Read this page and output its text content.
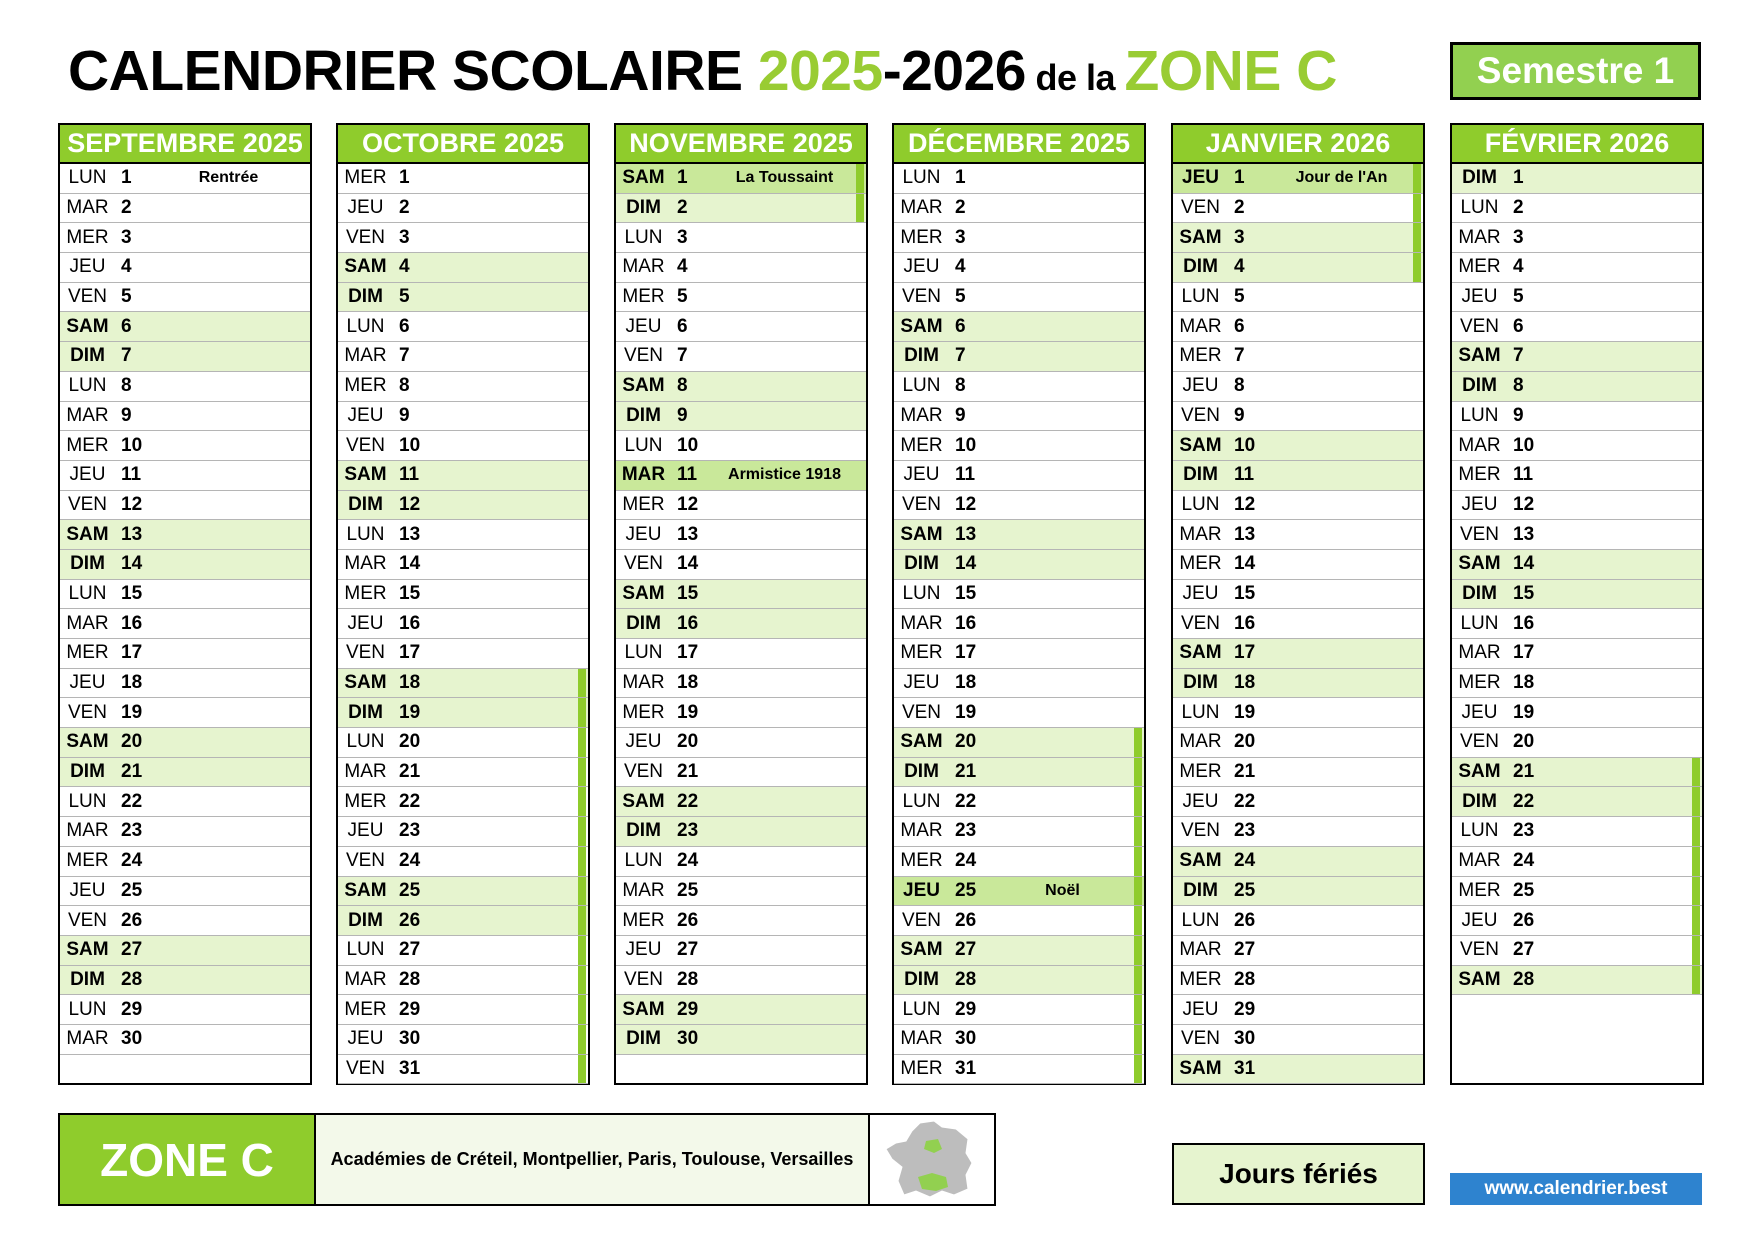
CALENDRIER SCOLAIRE 2025-2026 de la ZONE C	Semestre 1
SEPTEMBRE 2025
LUN 1	Rentrée
MAR 2
MER 3
JEU 4
VEN 5
SAM 6
DIM 7
LUN 8
MAR 9
MER 10
JEU 11
VEN 12
SAM 13
DIM 14
LUN 15
MAR 16
MER 17
JEU 18
VEN 19
SAM 20
DIM 21
LUN 22
MAR 23
MER 24
JEU 25
VEN 26
SAM 27
DIM 28
LUN 29
MAR 30
OCTOBRE 2025
MER 1
JEU 2
VEN 3
SAM 4
DIM 5
LUN 6
MAR 7
MER 8
JEU 9
VEN 10
SAM 11
DIM 12
LUN 13
MAR 14
MER 15
JEU 16
VEN 17
SAM 18
DIM 19
LUN 20
MAR 21
MER 22
JEU 23
VEN 24
SAM 25
DIM 26
LUN 27
MAR 28
MER 29
JEU 30
VEN 31
NOVEMBRE 2025
SAM 1	La Toussaint
DIM 2
LUN 3
MAR 4
MER 5
JEU 6
VEN 7
SAM 8
DIM 9
LUN 10
MAR 11	Armistice 1918
MER 12
JEU 13
VEN 14
SAM 15
DIM 16
LUN 17
MAR 18
MER 19
JEU 20
VEN 21
SAM 22
DIM 23
LUN 24
MAR 25
MER 26
JEU 27
VEN 28
SAM 29
DIM 30
DÉCEMBRE 2025
LUN 1
MAR 2
MER 3
JEU 4
VEN 5
SAM 6
DIM 7
LUN 8
MAR 9
MER 10
JEU 11
VEN 12
SAM 13
DIM 14
LUN 15
MAR 16
MER 17
JEU 18
VEN 19
SAM 20
DIM 21
LUN 22
MAR 23
MER 24
JEU 25	Noël
VEN 26
SAM 27
DIM 28
LUN 29
MAR 30
MER 31
JANVIER 2026
JEU 1	Jour de l'An
VEN 2
SAM 3
DIM 4
LUN 5
MAR 6
MER 7
JEU 8
VEN 9
SAM 10
DIM 11
LUN 12
MAR 13
MER 14
JEU 15
VEN 16
SAM 17
DIM 18
LUN 19
MAR 20
MER 21
JEU 22
VEN 23
SAM 24
DIM 25
LUN 26
MAR 27
MER 28
JEU 29
VEN 30
SAM 31
FÉVRIER 2026
DIM 1
LUN 2
MAR 3
MER 4
JEU 5
VEN 6
SAM 7
DIM 8
LUN 9
MAR 10
MER 11
JEU 12
VEN 13
SAM 14
DIM 15
LUN 16
MAR 17
MER 18
JEU 19
VEN 20
SAM 21
DIM 22
LUN 23
MAR 24
MER 25
JEU 26
VEN 27
SAM 28
ZONE C	Académies de Créteil, Montpellier, Paris, Toulouse, Versailles	Jours fériés	www.calendrier.best
